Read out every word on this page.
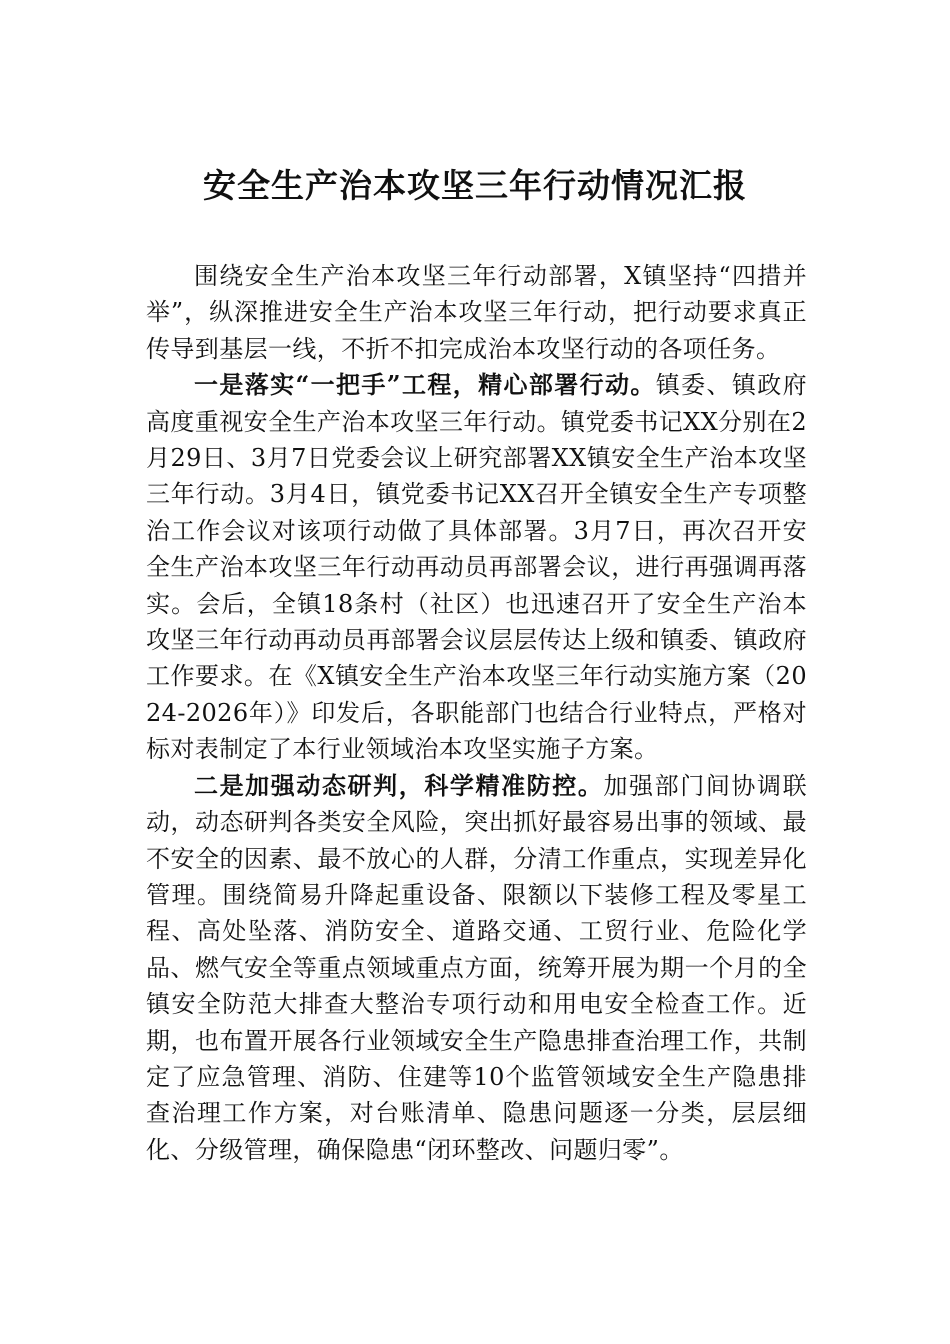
安全生产治本攻坚三年行动情况汇报

围绕安全生产治本攻坚三年行动部署，X镇坚持“四措并举”，纵深推进安全生产治本攻坚三年行动，把行动要求真正传导到基层一线，不折不扣完成治本攻坚行动的各项任务。

一是落实“一把手”工程，精心部署行动。镇委、镇政府高度重视安全生产治本攻坚三年行动。镇党委书记XX分别在2月29日、3月7日党委会议上研究部署XX镇安全生产治本攻坚三年行动。3月4日，镇党委书记XX召开全镇安全生产专项整治工作会议对该项行动做了具体部署。3月7日，再次召开安全生产治本攻坚三年行动再动员再部署会议，进行再强调再落实。会后，全镇18条村（社区）也迅速召开了安全生产治本攻坚三年行动再动员再部署会议层层传达上级和镇委、镇政府工作要求。在《X镇安全生产治本攻坚三年行动实施方案（2024-2026年）》印发后，各职能部门也结合行业特点，严格对标对表制定了本行业领域治本攻坚实施子方案。

二是加强动态研判，科学精准防控。加强部门间协调联动，动态研判各类安全风险，突出抓好最容易出事的领域、最不安全的因素、最不放心的人群，分清工作重点，实现差异化管理。围绕简易升降起重设备、限额以下装修工程及零星工程、高处坠落、消防安全、道路交通、工贸行业、危险化学品、燃气安全等重点领域重点方面，统筹开展为期一个月的全镇安全防范大排查大整治专项行动和用电安全检查工作。近期，也布置开展各行业领域安全生产隐患排查治理工作，共制定了应急管理、消防、住建等10个监管领域安全生产隐患排查治理工作方案，对台账清单、隐患问题逐一分类，层层细化、分级管理，确保隐患“闭环整改、问题归零”。
